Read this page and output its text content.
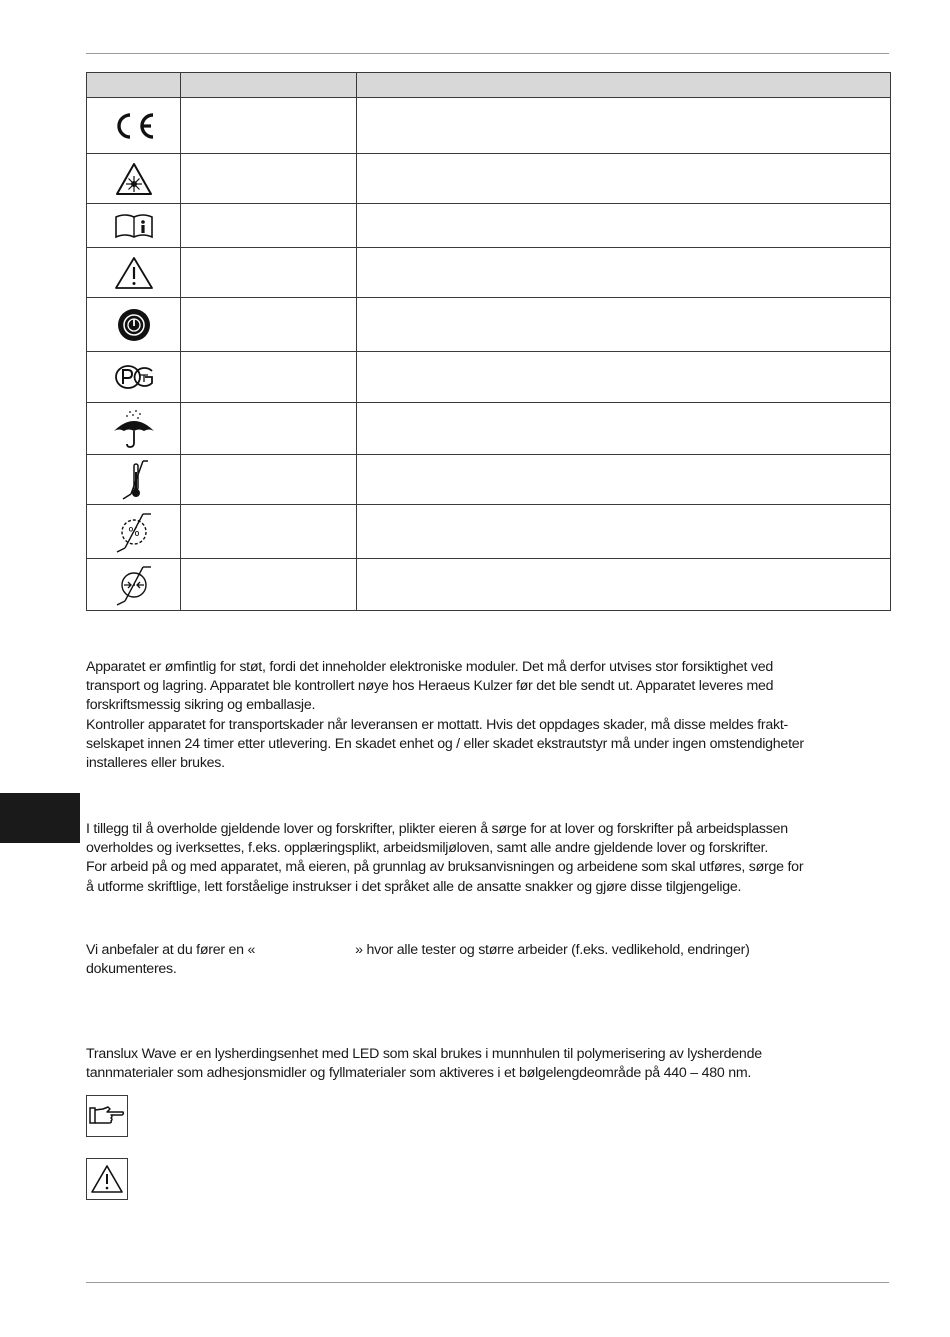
%		

Apparatet er ømfintlig for støt, fordi det inneholder elektroniske moduler. Det må derfor utvises stor forsiktighet ved
transport og lagring. Apparatet ble kontrollert nøye hos Heraeus Kulzer før det ble sendt ut. Apparatet leveres med
forskriftsmessig sikring og emballasje.
Kontroller apparatet for transportskader når leveransen er mottatt. Hvis det oppdages skader, må disse meldes frakt-
selskapet innen 24 timer etter utlevering. En skadet enhet og / eller skadet ekstrautstyr må under ingen omstendigheter
installeres eller brukes.

I tillegg til å overholde gjeldende lover og forskrifter, plikter eieren å sørge for at lover og forskrifter på arbeidsplassen
overholdes og iverksettes, f.eks. opplæringsplikt, arbeidsmiljøloven, samt alle andre gjeldende lover og forskrifter.
For arbeid på og med apparatet, må eieren, på grunnlag av bruksanvisningen og arbeidene som skal utføres, sørge for
å utforme skriftlige, lett forståelige instrukser i det språket alle de ansatte snakker og gjøre disse tilgjengelige.

Vi anbefaler at du fører en «	» hvor alle tester og større arbeider (f.eks. vedlikehold, endringer)
dokumenteres.

Translux Wave er en lysherdingsenhet med LED som skal brukes i munnhulen til polymerisering av lysherdende
tannmaterialer som adhesjonsmidler og fyllmaterialer som aktiveres i et bølgelengdeområde på 440 – 480 nm.
